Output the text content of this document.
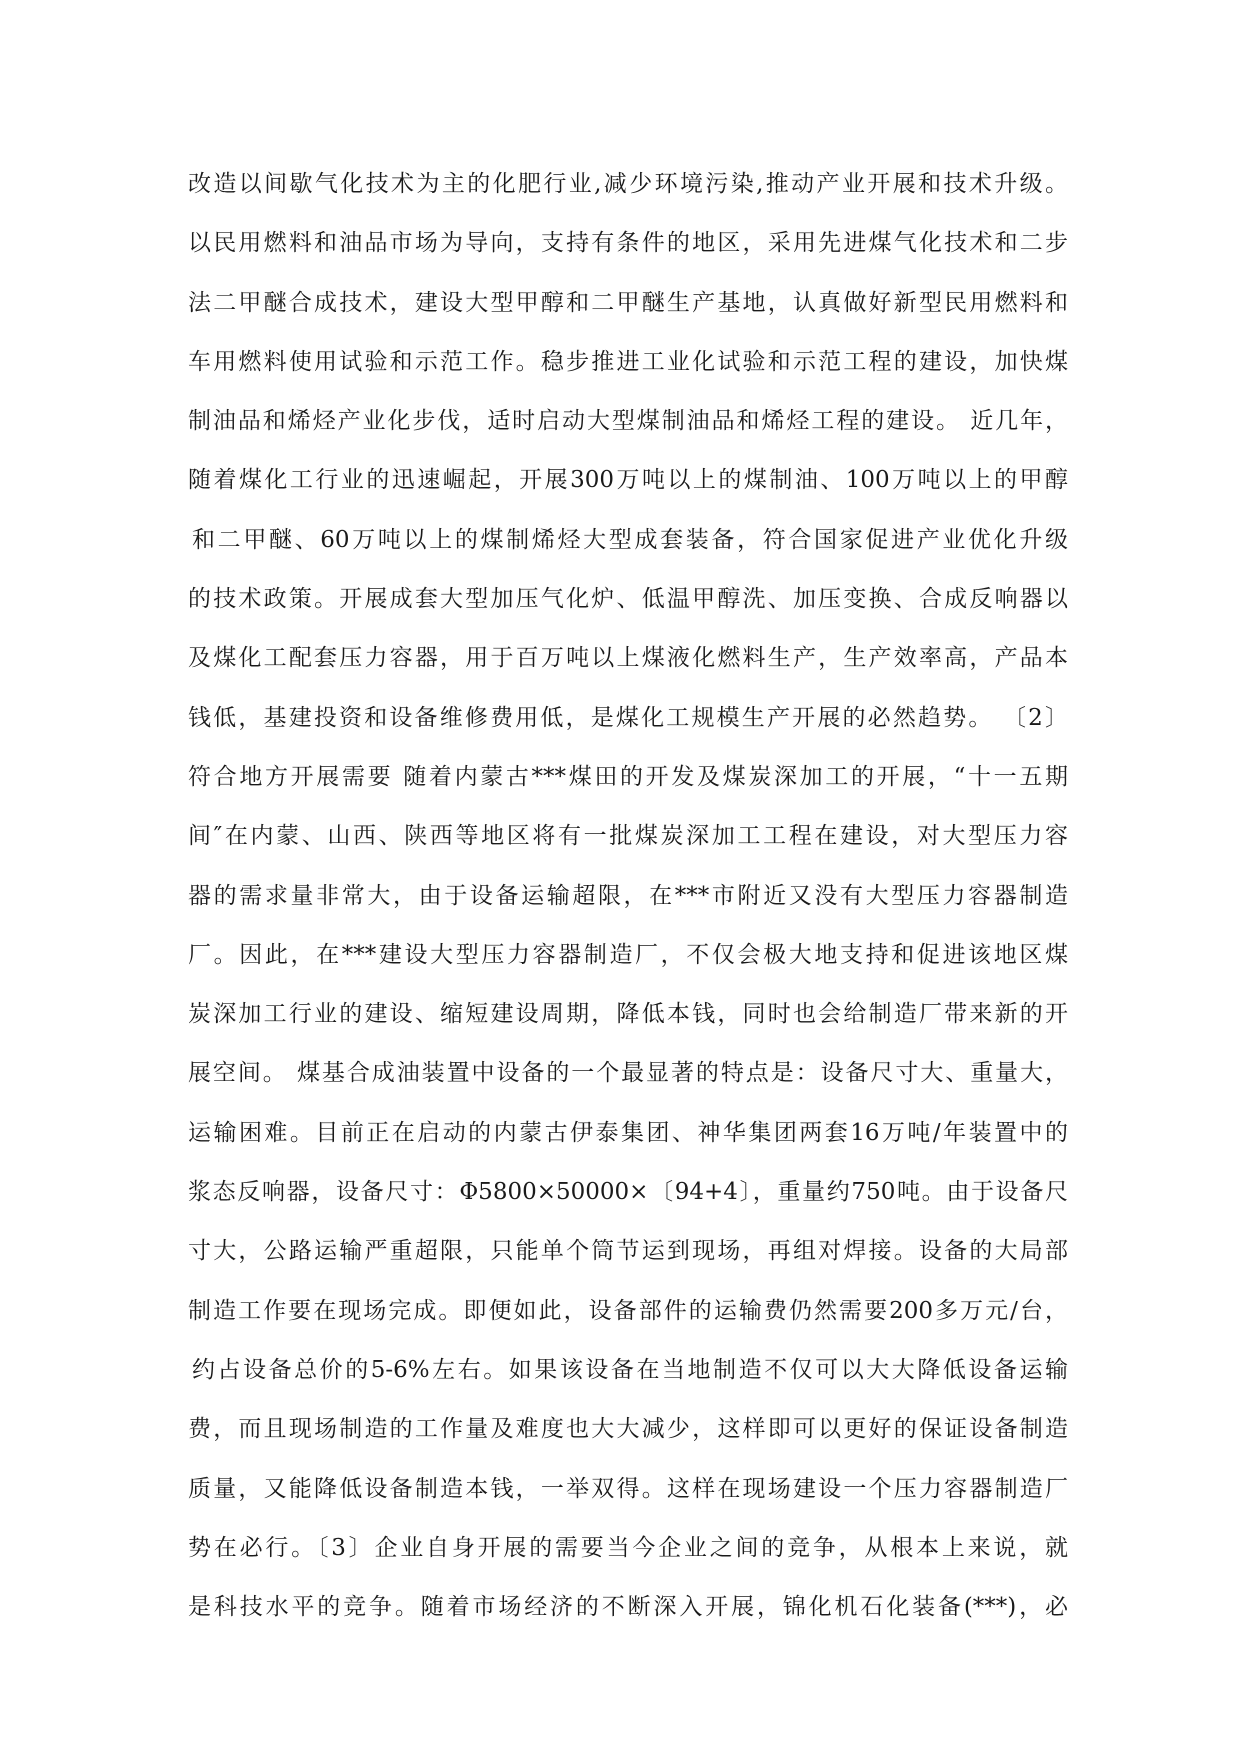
改造以间歇气化技术为主的化肥行业,减少环境污染,推动产业开展和技术升级。
以民用燃料和油品市场为导向，支持有条件的地区，采用先进煤气化技术和二步
法二甲醚合成技术，建设大型甲醇和二甲醚生产基地，认真做好新型民用燃料和
车用燃料使用试验和示范工作。稳步推进工业化试验和示范工程的建设，加快煤
制油品和烯烃产业化步伐，适时启动大型煤制油品和烯烃工程的建设。 近几年，
随着煤化工行业的迅速崛起，开展300万吨以上的煤制油、100万吨以上的甲醇
和二甲醚、60万吨以上的煤制烯烃大型成套装备，符合国家促进产业优化升级
的技术政策。开展成套大型加压气化炉、低温甲醇洗、加压变换、合成反响器以
及煤化工配套压力容器，用于百万吨以上煤液化燃料生产，生产效率高，产品本
钱低，基建投资和设备维修费用低，是煤化工规模生产开展的必然趋势。 〔2〕
符合地方开展需要 随着内蒙古***煤田的开发及煤炭深加工的开展，“十一五期
间″在内蒙、山西、陕西等地区将有一批煤炭深加工工程在建设，对大型压力容
器的需求量非常大，由于设备运输超限，在***市附近又没有大型压力容器制造
厂。因此，在***建设大型压力容器制造厂，不仅会极大地支持和促进该地区煤
炭深加工行业的建设、缩短建设周期，降低本钱，同时也会给制造厂带来新的开
展空间。 煤基合成油装置中设备的一个最显著的特点是：设备尺寸大、重量大，
运输困难。目前正在启动的内蒙古伊泰集团、神华集团两套16万吨/年装置中的
浆态反响器，设备尺寸：Φ5800×50000×〔94+4〕，重量约750吨。由于设备尺
寸大，公路运输严重超限，只能单个筒节运到现场，再组对焊接。设备的大局部
制造工作要在现场完成。即便如此，设备部件的运输费仍然需要200多万元/台，
约占设备总价的5-6%左右。如果该设备在当地制造不仅可以大大降低设备运输
费，而且现场制造的工作量及难度也大大减少，这样即可以更好的保证设备制造
质量，又能降低设备制造本钱，一举双得。这样在现场建设一个压力容器制造厂
势在必行。〔3〕企业自身开展的需要当今企业之间的竞争，从根本上来说，就
是科技水平的竞争。随着市场经济的不断深入开展，锦化机石化装备(***)，必
